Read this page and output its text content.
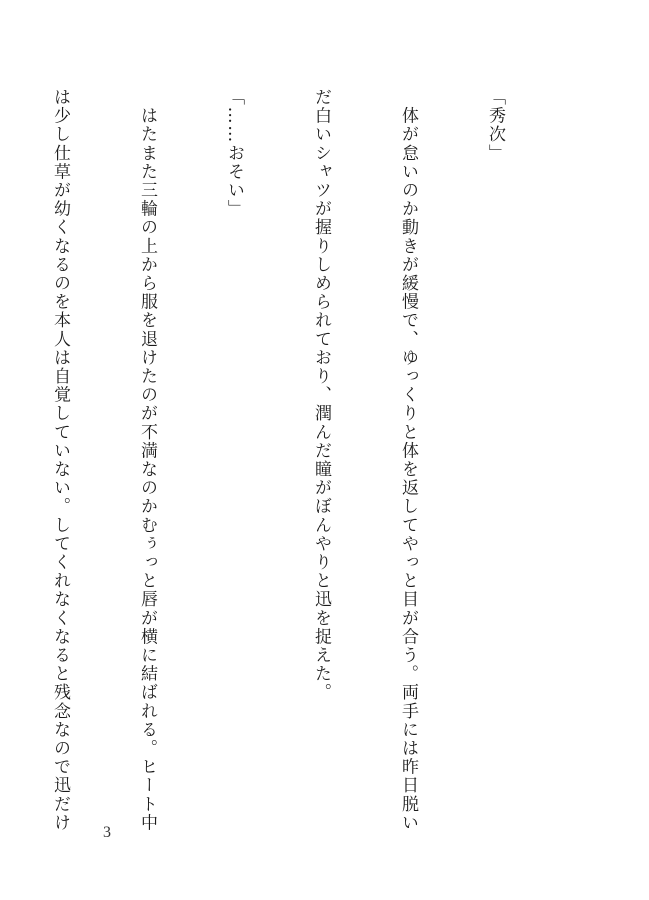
「秀次」

　体が怠いのか動きが緩慢で、ゆっくりと体を返してやっと目が合う。両手には昨日脱い

だ白いシャツが握りしめられており、潤んだ瞳がぼんやりと迅を捉えた。

「……おそい」

　はたまた三輪の上から服を退けたのが不満なのかむぅっと唇が横に結ばれる。ヒート中

は少し仕草が幼くなるのを本人は自覚していない。してくれなくなると残念なので迅だけ

3
